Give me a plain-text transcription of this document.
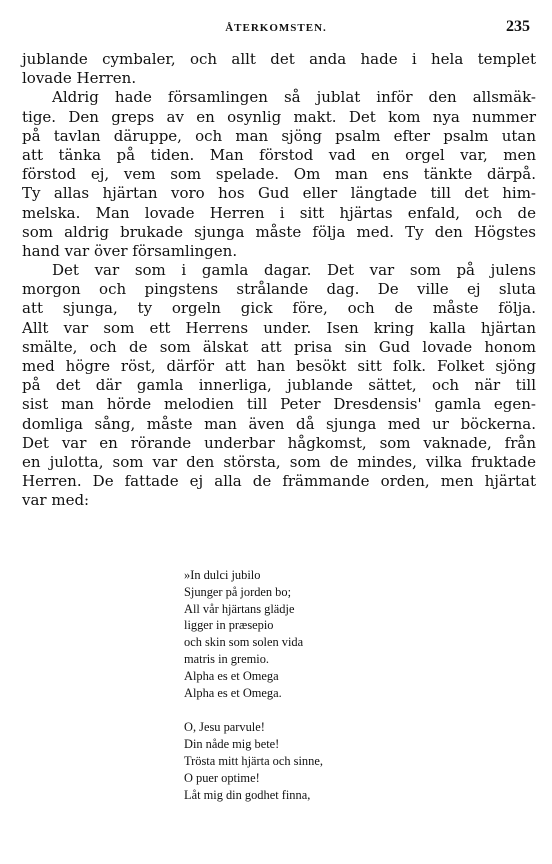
ÅTERKOMSTEN.	235
jublande cymbaler, och allt det anda hade i hela templet
lovade Herren.
Aldrig hade församlingen så jublat inför den allsmäk-
tige. Den greps av en osynlig makt. Det kom nya nummer
på tavlan däruppe, och man sjöng psalm efter psalm utan
att tänka på tiden. Man förstod vad en orgel var, men
förstod ej, vem som spelade. Om man ens tänkte därpå.
Ty allas hjärtan voro hos Gud eller längtade till det him-
melska. Man lovade Herren i sitt hjärtas enfald, och de
som aldrig brukade sjunga måste följa med. Ty den Högstes
hand var över församlingen.
Det var som i gamla dagar. Det var som på julens
morgon och pingstens strålande dag. De ville ej sluta
att sjunga, ty orgeln gick före, och de måste följa.
Allt var som ett Herrens under. Isen kring kalla hjärtan
smälte, och de som älskat att prisa sin Gud lovade honom
med högre röst, därför att han besökt sitt folk. Folket sjöng
på det där gamla innerliga, jublande sättet, och när till
sist man hörde melodien till Peter Dresdensis' gamla egen-
domliga sång, måste man även då sjunga med ur böckerna.
Det var en rörande underbar hågkomst, som vaknade, från
en julotta, som var den största, som de mindes, vilka fruktade
Herren. De fattade ej alla de främmande orden, men hjärtat
var med:
»In dulci jubilo
Sjunger på jorden bo;
All vår hjärtans glädje
ligger in præsepio
och skin som solen vida
matris in gremio.
Alpha es et Omega
Alpha es et Omega.
O, Jesu parvule!
Din nåde mig bete!
Trösta mitt hjärta och sinne,
O puer optime!
Låt mig din godhet finna,
